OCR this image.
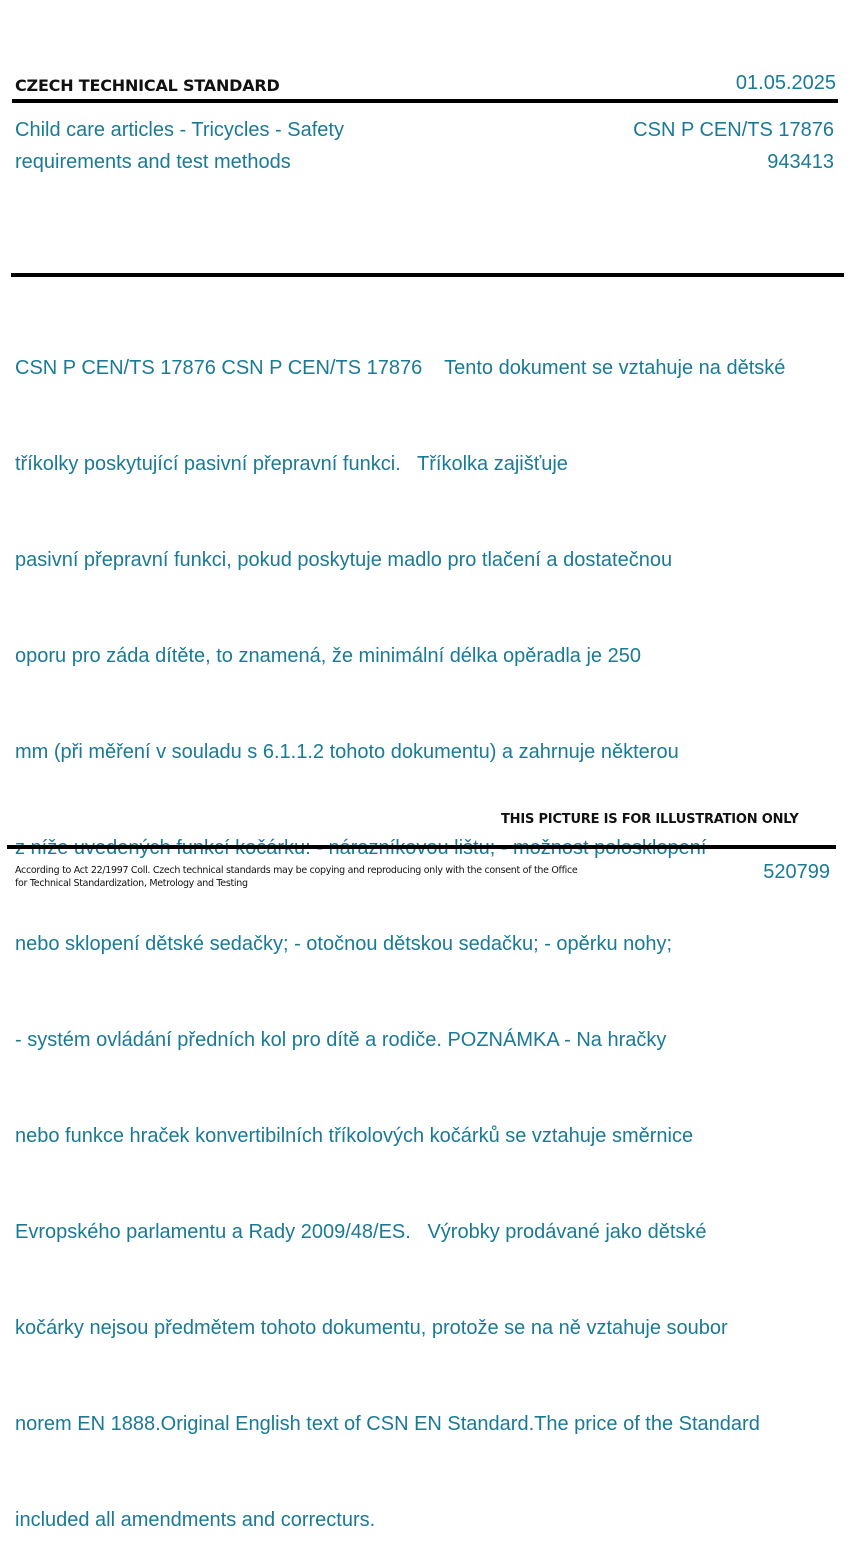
CZECH TECHNICAL STANDARD	01.05.2025
Child care articles - Tricycles - Safety
requirements and test methods
CSN P CEN/TS 17876
943413

CSN P CEN/TS 17876 CSN P CEN/TS 17876    Tento dokument se vztahuje na dětské

tříkolky poskytující pasivní přepravní funkci.   Tříkolka zajišťuje

pasivní přepravní funkci, pokud poskytuje madlo pro tlačení a dostatečnou

oporu pro záda dítěte, to znamená, že minimální délka opěradla je 250

mm (při měření v souladu s 6.1.1.2 tohoto dokumentu) a zahrnuje některou

nebo sklopení dětské sedačky; - otočnou dětskou sedačku; - opěrku nohy;

- systém ovládání předních kol pro dítě a rodiče. POZNÁMKA - Na hračky

nebo funkce hraček konvertibilních tříkolových kočárků se vztahuje směrnice

Evropského parlamentu a Rady 2009/48/ES.   Výrobky prodávané jako dětské

kočárky nejsou předmětem tohoto dokumentu, protože se na ně vztahuje soubor

norem EN 1888.Original English text of CSN EN Standard.The price of the Standard

included all amendments and correcturs.

THIS PICTURE IS FOR ILLUSTRATION ONLY
According to Act 22/1997 Coll. Czech technical standards may be copying and reproducing only with the consent of the Office
for Technical Standardization, Metrology and Testing
520799
